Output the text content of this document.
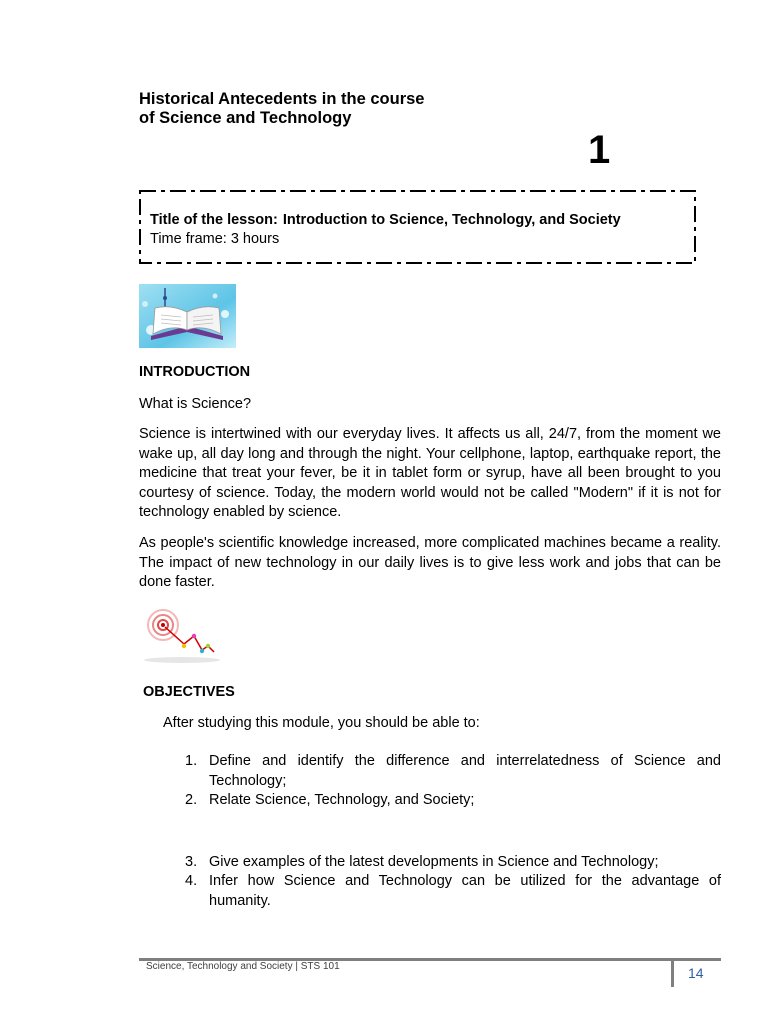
Historical Antecedents in the course
of Science and Technology
1
Title of the lesson: Introduction to Science, Technology, and Society
Time frame: 3 hours
INTRODUCTION
What is Science?

Science is intertwined with our everyday lives. It affects us all, 24/7, from the moment we wake up, all day long and through the night. Your cellphone, laptop, earthquake report, the medicine that treat your fever, be it in tablet form or syrup, have all been brought to you courtesy of science. Today, the modern world would not be called "Modern" if it is not for technology enabled by science.

As people's scientific knowledge increased, more complicated machines became a reality. The impact of new technology in our daily lives is to give less work and jobs that can be done faster.

OBJECTIVES
After studying this module, you should be able to:
1. Define and identify the difference and interrelatedness of Science and Technology;
2. Relate Science, Technology, and Society;
3. Give examples of the latest developments in Science and Technology;
4. Infer how Science and Technology can be utilized for the advantage of humanity.
Science, Technology and Society | STS 101	14
